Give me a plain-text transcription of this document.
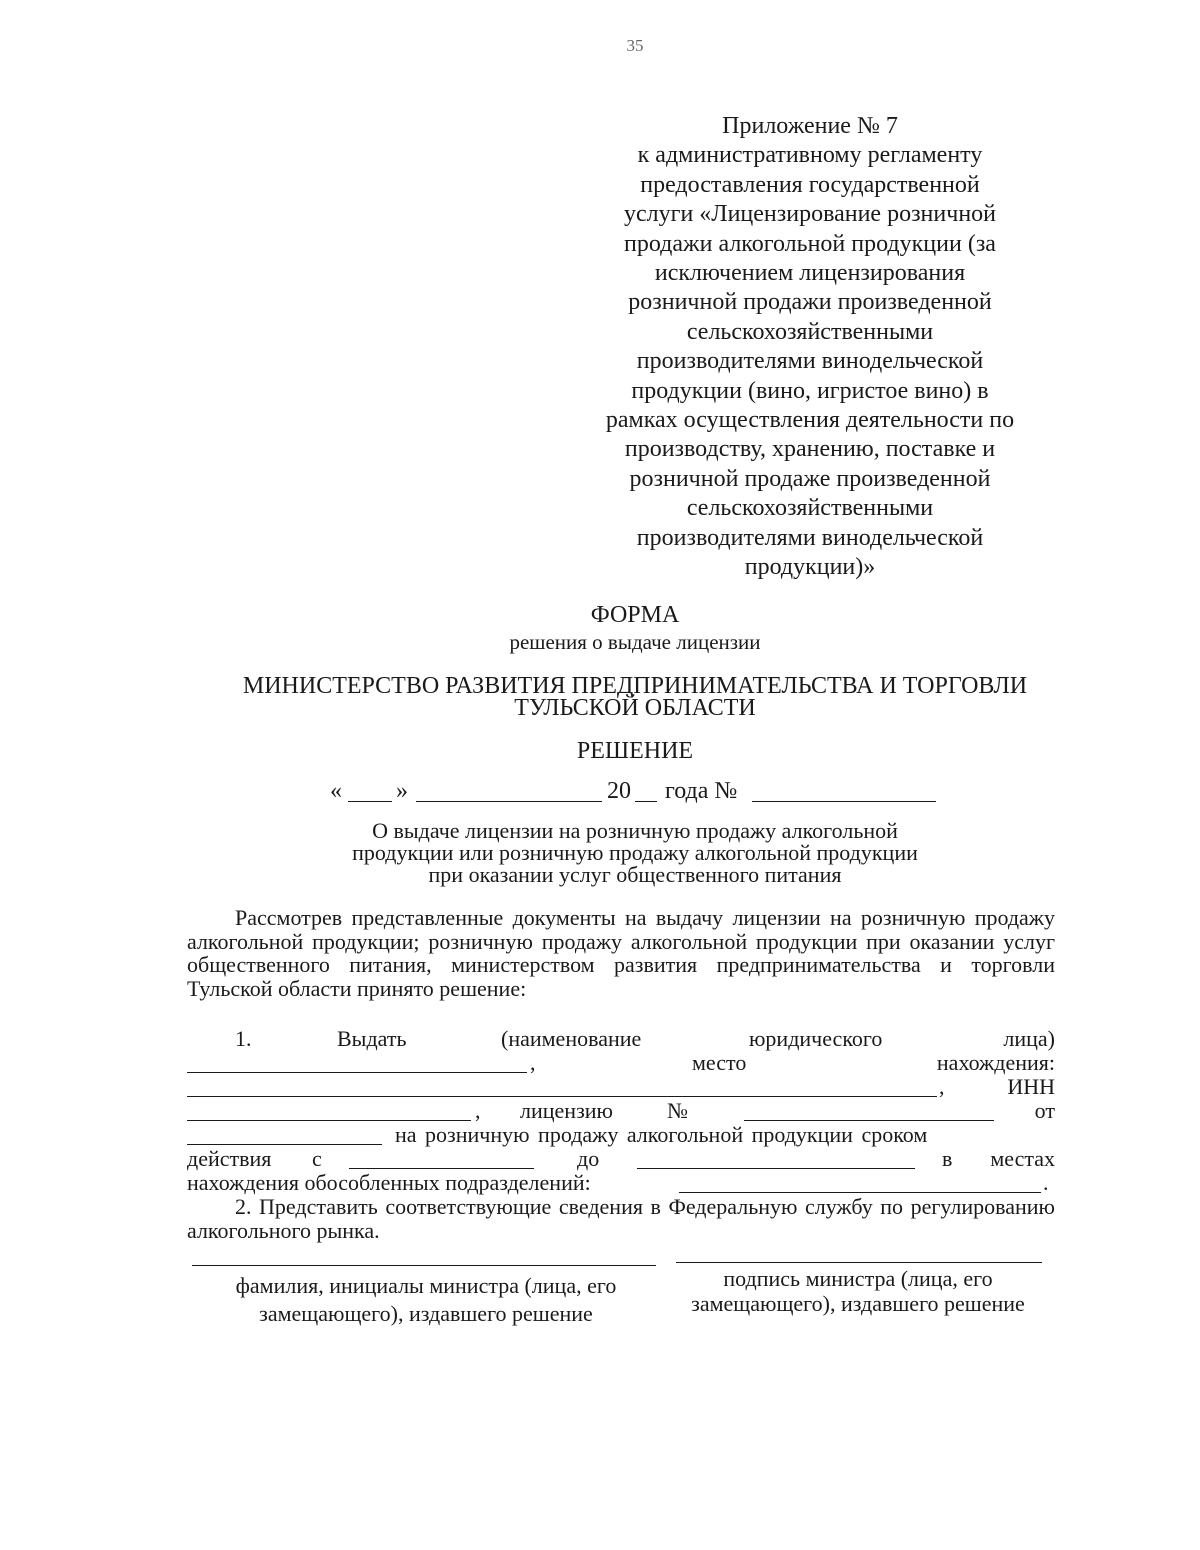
35
Приложение № 7
к административному регламенту
предоставления государственной
услуги «Лицензирование розничной
продажи алкогольной продукции (за
исключением лицензирования
розничной продажи произведенной
сельскохозяйственными
производителями винодельческой
продукции (вино, игристое вино) в
рамках осуществления деятельности по
производству, хранению, поставке и
розничной продаже произведенной
сельскохозяйственными
производителями винодельческой
продукции)»
ФОРМА
решения о выдаче лицензии
МИНИСТЕРСТВО РАЗВИТИЯ ПРЕДПРИНИМАТЕЛЬСТВА И ТОРГОВЛИ
ТУЛЬСКОЙ ОБЛАСТИ
РЕШЕНИЕ
« »	20 года №
О выдаче лицензии на розничную продажу алкогольной
продукции или розничную продажу алкогольной продукции
при оказании услуг общественного питания
Рассмотрев представленные документы на выдачу лицензии на розничную продажу алкогольной продукции; розничную продажу алкогольной продукции при оказании услуг общественного питания, министерством развития предпринимательства и торговли Тульской области принято решение:
1.	Выдать	(наименование	юридического	лица)
,	место	нахождения:
,	ИНН
, лицензию №	от
на розничную продажу алкогольной продукции сроком
действия с	до	в местах
нахождения обособленных подразделений:	.
2. Представить соответствующие сведения в Федеральную службу по регулированию алкогольного рынка.
фамилия, инициалы министра (лица, его замещающего), издавшего решение
подпись министра (лица, его замещающего), издавшего решение
